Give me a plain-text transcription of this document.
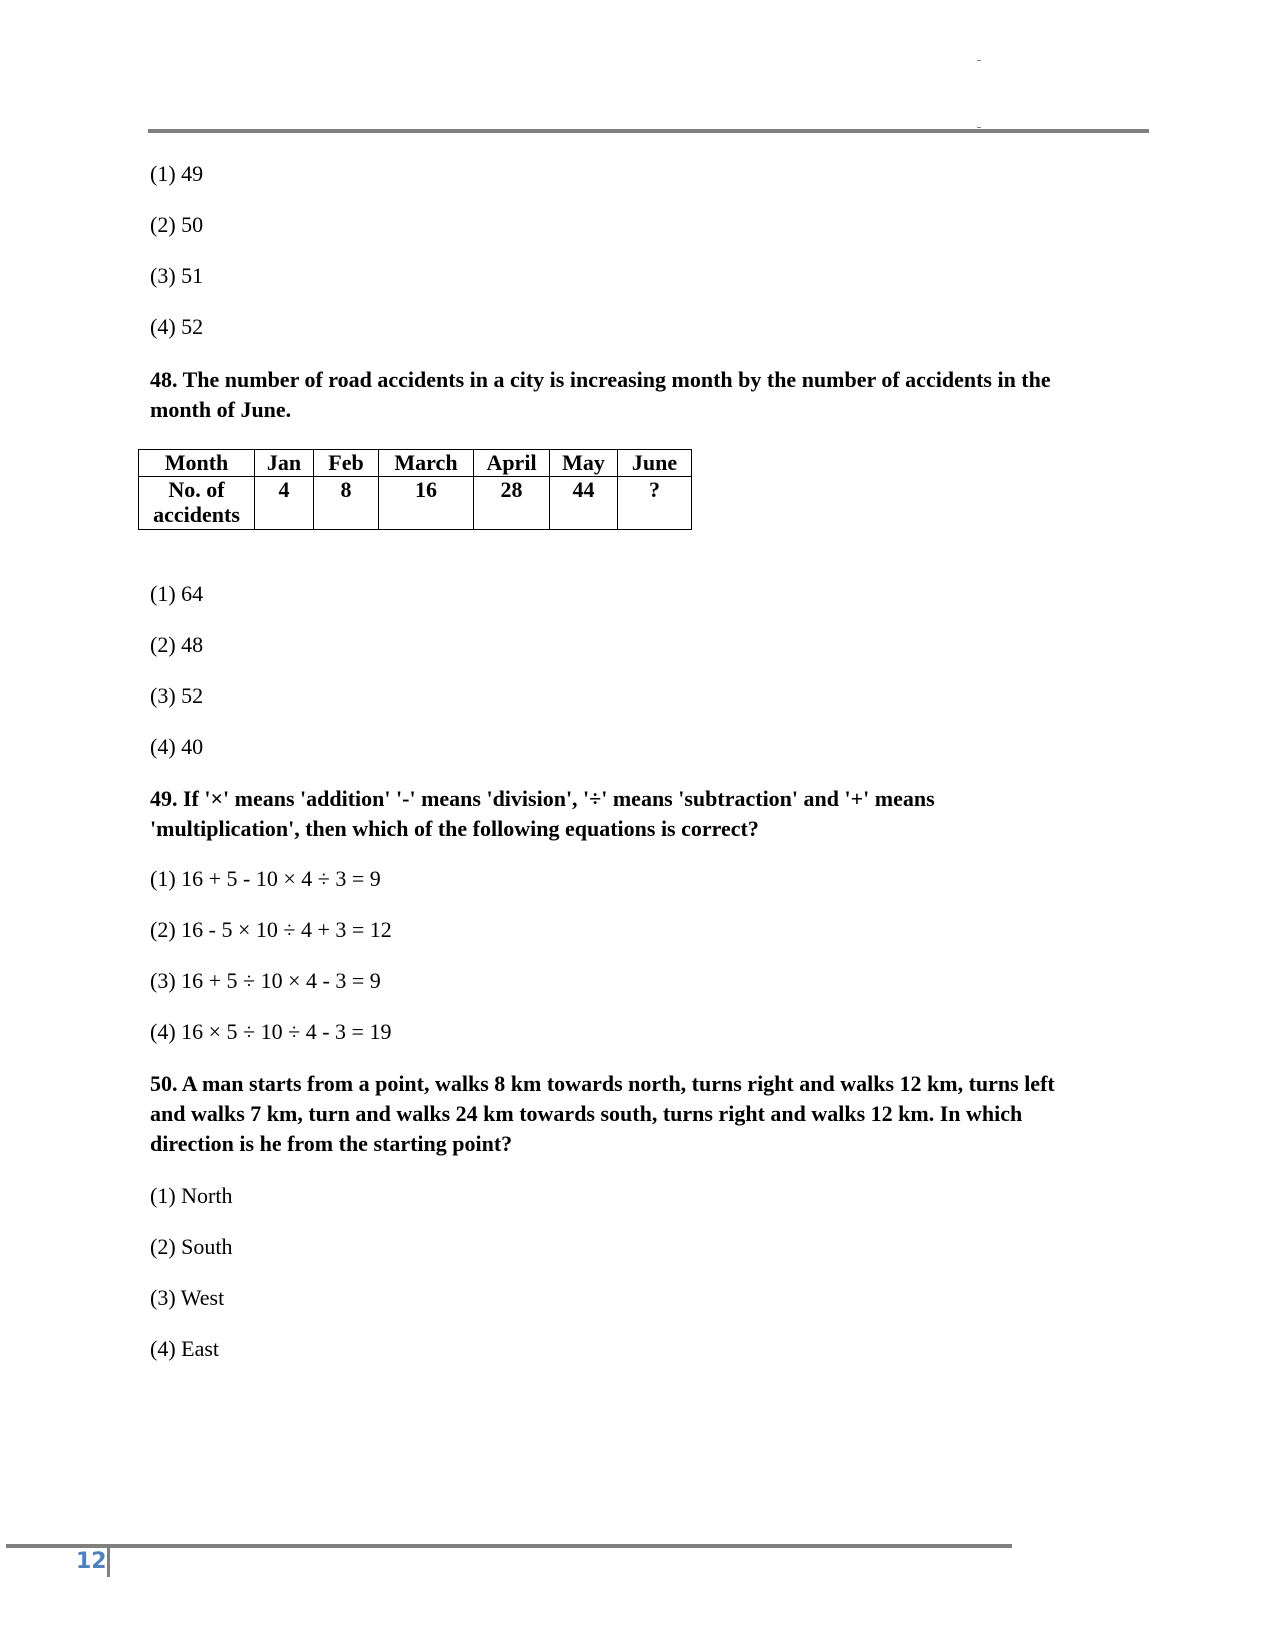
(1) 49
(2) 50
(3) 51
(4) 52
48. The number of road accidents in a city is increasing month by the number of accidents in the
month of June.
Month	Jan	Feb	March	April	May	June

No. of
accidents	4	8	16	28	44	?
(1) 64
(2) 48
(3) 52
(4) 40
49. If '×' means 'addition' '-' means 'division', '÷' means 'subtraction' and '+' means
'multiplication', then which of the following equations is correct?
(1) 16 + 5 - 10 × 4 ÷ 3 = 9
(2) 16 - 5 × 10 ÷ 4 + 3 = 12
(3) 16 + 5 ÷ 10 × 4 - 3 = 9
(4) 16 × 5 ÷ 10 ÷ 4 - 3 = 19
50. A man starts from a point, walks 8 km towards north, turns right and walks 12 km, turns left
and walks 7 km, turn and walks 24 km towards south, turns right and walks 12 km. In which
direction is he from the starting point?
(1) North
(2) South
(3) West
(4) East
12
